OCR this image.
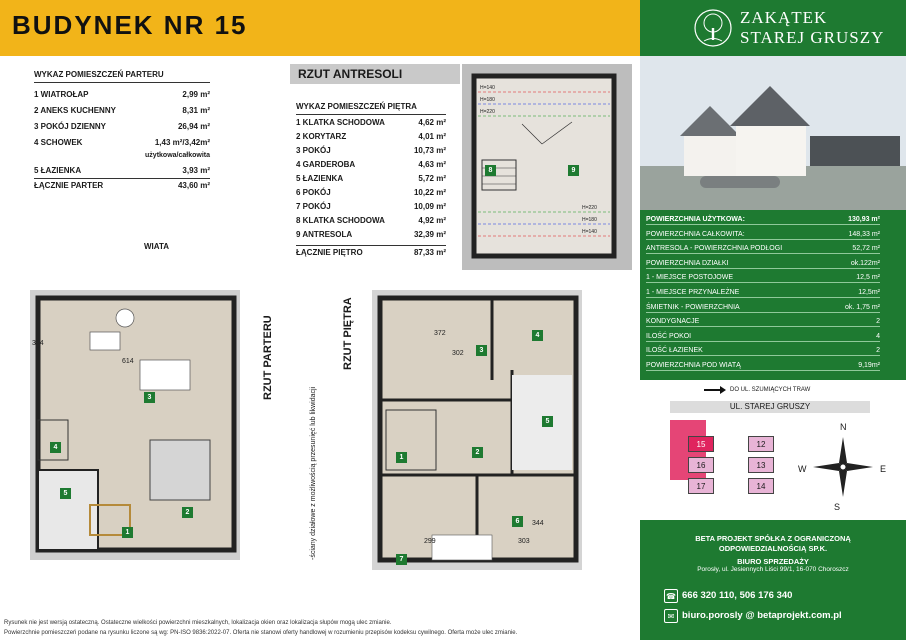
BUDYNEK NR 15	ZAKĄTEK
STAREJ GRUSZY
WYKAZ POMIESZCZEŃ PARTERU
1 WIATROŁAP	2,99 m²
2 ANEKS KUCHENNY	8,31 m²
3 POKÓJ DZIENNY	26,94 m²
4 SCHOWEK	1,43 m²/3,42m²
użytkowa/całkowita
5 ŁAZIENKA	3,93 m²
ŁĄCZNIE PARTER	43,60 m²
RZUT ANTRESOLI
WYKAZ POMIESZCZEŃ PIĘTRA
1 KLATKA SCHODOWA	4,62 m²
2 KORYTARZ	4,01 m²
3 POKÓJ	10,73 m²
4 GARDEROBA	4,63 m²
5 ŁAZIENKA	5,72 m²
6 POKÓJ	10,22 m²
7 POKÓJ	10,09 m²
8 KLATKA SCHODOWA	4,92 m²
9 ANTRESOLA	32,39 m²
ŁĄCZNIE PIĘTRO	87,33 m²
H=140
H=180
H=220
H=220
H=180
H=140
8	9
WIATA
614
314
1
2
3
4
5
RZUT PARTERU	RZUT PIĘTRA
-ściany działowe z możliwością przesunięć lub likwidacji
372
302
299	303
344
1
2
3
4
5
6
7
Rysunek nie jest wersją ostateczną. Ostateczne wielkości powierzchni mieszkalnych, lokalizacja okien oraz lokalizacja słupów mogą ulec zmianie.
Powierzchnie pomieszczeń podane na rysunku liczone są wg: PN-ISO 9836:2022-07. Oferta nie stanowi oferty handlowej w rozumieniu przepisów kodeksu cywilnego. Oferta może ulec zmianie.
POWIERZCHNIA UŻYTKOWA:	130,93 m²
POWIERZCHNIA CAŁKOWITA:	148,33 m²
ANTRESOLA - POWIERZCHNIA PODŁOGI	52,72 m²
POWIERZCHNIA DZIAŁKI	ok.122m²
1 - MIEJSCE POSTOJOWE	12,5 m²
1 - MIEJSCE PRZYNALEŻNE	12,5m²
ŚMIETNIK - POWIERZCHNIA	ok. 1,75 m²
KONDYGNACJE	2
ILOŚĆ POKOI	4
ILOŚĆ ŁAZIENEK	2
POWIERZCHNIA POD WIATĄ	9,19m²
DO UL. SZUMIĄCYCH TRAW
UL. STAREJ GRUSZY
15
16
17
12
13
14
N
E
S
W
BETA PROJEKT SPÓŁKA Z OGRANICZONĄ
ODPOWIEDZIALNOŚCIĄ SP.K.
BIURO SPRZEDAŻY
Porosły, ul. Jesiennych Liści 99/1, 16-070 Choroszcz
☎ 666 320 110, 506 176 340
✉ biuro.porosly @ betaprojekt.com.pl
